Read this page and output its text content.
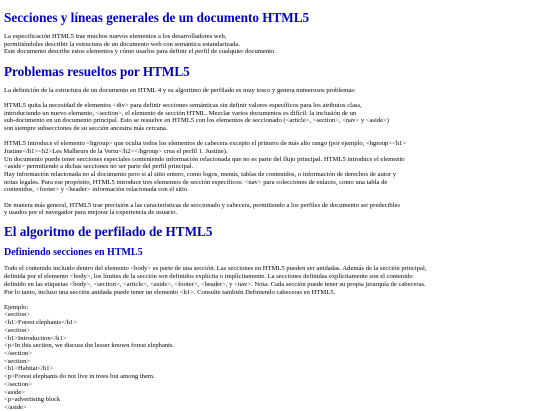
Secciones y líneas generales de un documento HTML5

La especificación HTML5 trae muchos nuevos elementos a los desarrolladores web,
permitiéndoles describir la estructura de un documento web con semántica estandarizada.
Este documento describe estos elementos y cómo usarlos para definir el perfil de cualquier documento.

Problemas resueltos por HTML5

La definición de la estructura de un documento en HTML 4 y su algoritmo de perfilado es muy tosco y genera numerosos problemas:

HTML5 quita la necesidad de elementos <div> para definir secciones semánticas sin definir valores específicos para los atributos class,
introduciendo un nuevo elemento, <section>, el elemento de sección HTML. Mezclar varios documentos es difícil: la inclusión de un
sub-documento en un documento principal. Esto se resuelve en HTML5 con los elementos de seccionado (<article>, <section>, <nav> y <aside>)
son siempre subsecciones de su sección ancestra más cercana.

HTML5 introduce el elemento <hgroup> que oculta todos los elementos de cabecera excepto el primero de más alto rango (por ejemplo, <hgroup><h1>
Justine</h1><h2>Les Malheurs de la Vertu</h2></hgroup> crea el perfil 1. Justine).
Un documento puede tener secciones especiales conteniendo información relacionada que no es parte del flujo principal. HTML5 introduce el elemento
<aside> permitiendo a dichas secciones no ser parte del perfil principal.
Hay información relacionada no al documento pero si al sitio entero, como logos, menús, tablas de contenidos, o información de derechos de autor y
notas legales. Para ese propósito, HTML5 introduce tres elementos de sección específicos: <nav> para colecciones de enlaces, como una tabla de
contenidos, <footer> y <header> información relacionada con el sitio.

De manera más general, HTML5 trae precisión a las características de seccionado y cabecera, permitiendo a los perfiles de documento ser predecibles
y usados por el navegador para mejorar la experiencia de usuario.

El algoritmo de perfilado de HTML5
Definiendo secciones en HTML5

Todo el contenido incluido dentro del elemento <body> es parte de una sección. Las secciones en HTML5 pueden ser anidadas. Además de la sección principal,
definida por el elemento <body>, los límites de la sección son definidos explícita o implícitamente. La secciones definidas explícitamente son el contenido
definido en las etiquetas <body>, <section>, <article>, <aside>, <footer>, <header>, y <nav>. Nota: Cada sección puede tener su propia jerarquía de cabeceras.
Por lo tanto, incluso una sección anidada puede tener un elemento <h1>. Consulte también Definiendo cabeceras en HTML5.

Ejemplo:
<section>
<h1>Forest elephants</h1>
<section>
<h1>Introduction</h1>
<p>In this section, we discuss the lesser known forest elephants.
</section>
<section>
<h1>Habitat</h1>
<p>Forest elephants do not live in trees but among them.
</section>
<aside>
<p>advertising block
</aside>
